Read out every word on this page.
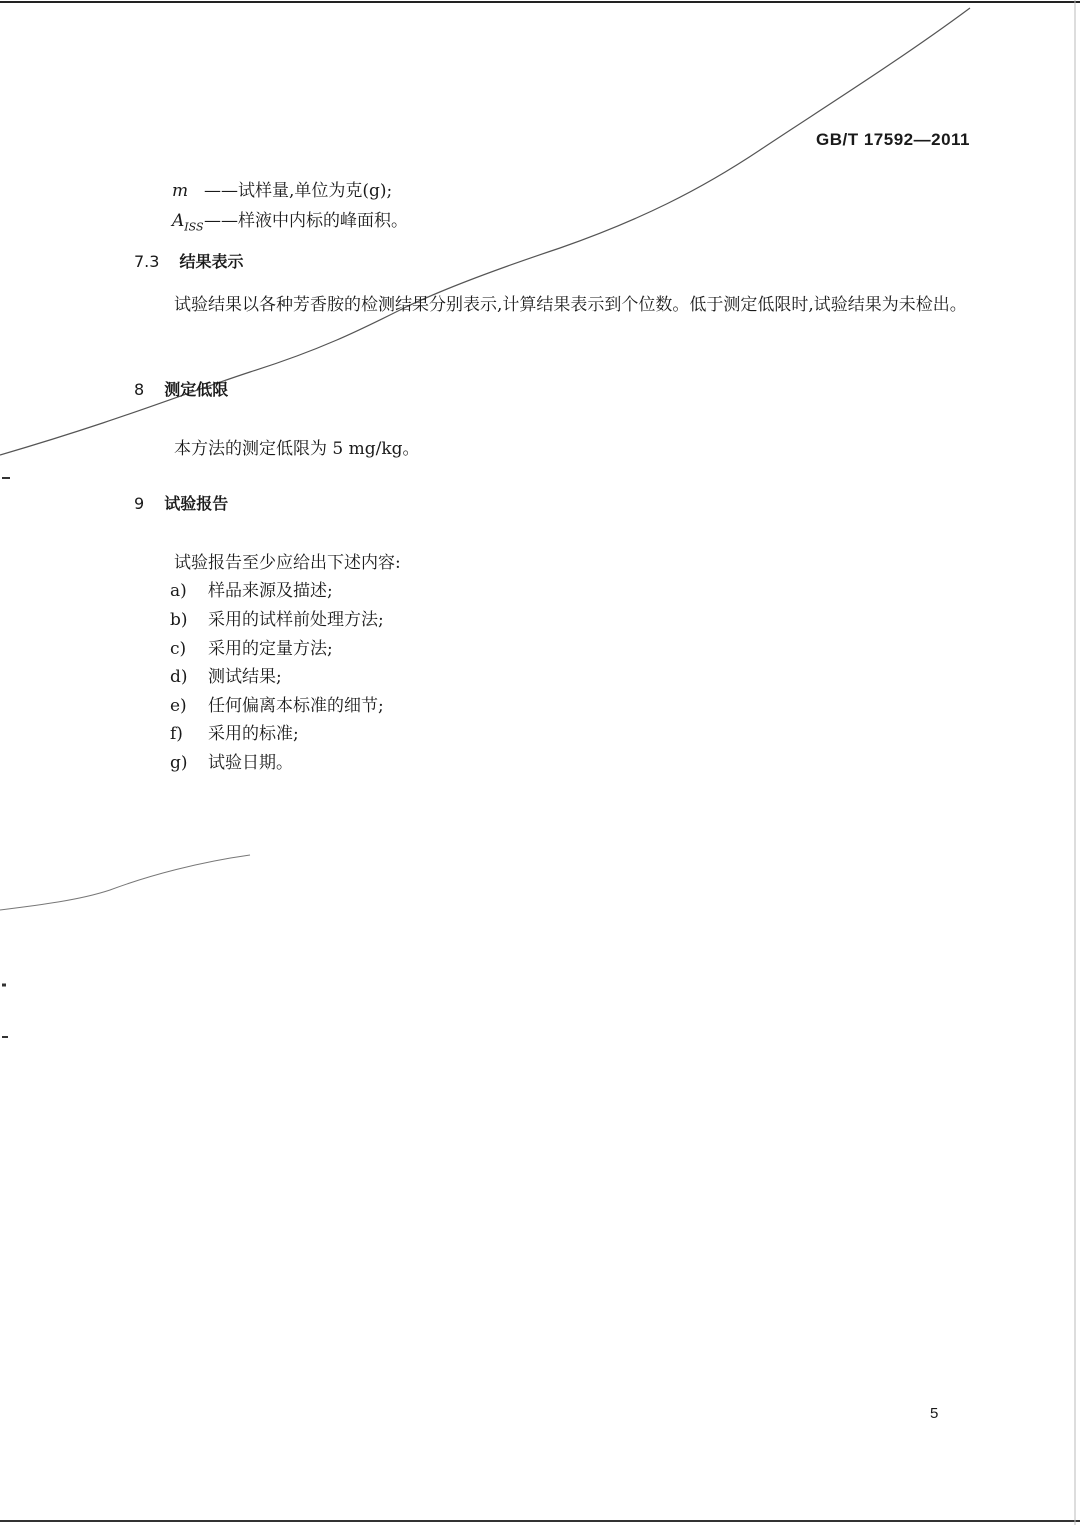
GB/T 17592—2011
m ——试样量,单位为克(g);
$A_{ISS}——$样液中内标的峰面积。
7.3 结果表示
试验结果以各种芳香胺的检测结果分别表示,计算结果表示到个位数。低于测定低限时,试验结果为未检出。
8 测定低限
本方法的测定低限为 5 mg/kg。
9 试验报告
试验报告至少应给出下述内容:
a) 样品来源及描述;
b) 采用的试样前处理方法;
c) 采用的定量方法;
d) 测试结果;
e) 任何偏离本标准的细节;
f) 采用的标准;
g) 试验日期。
5
